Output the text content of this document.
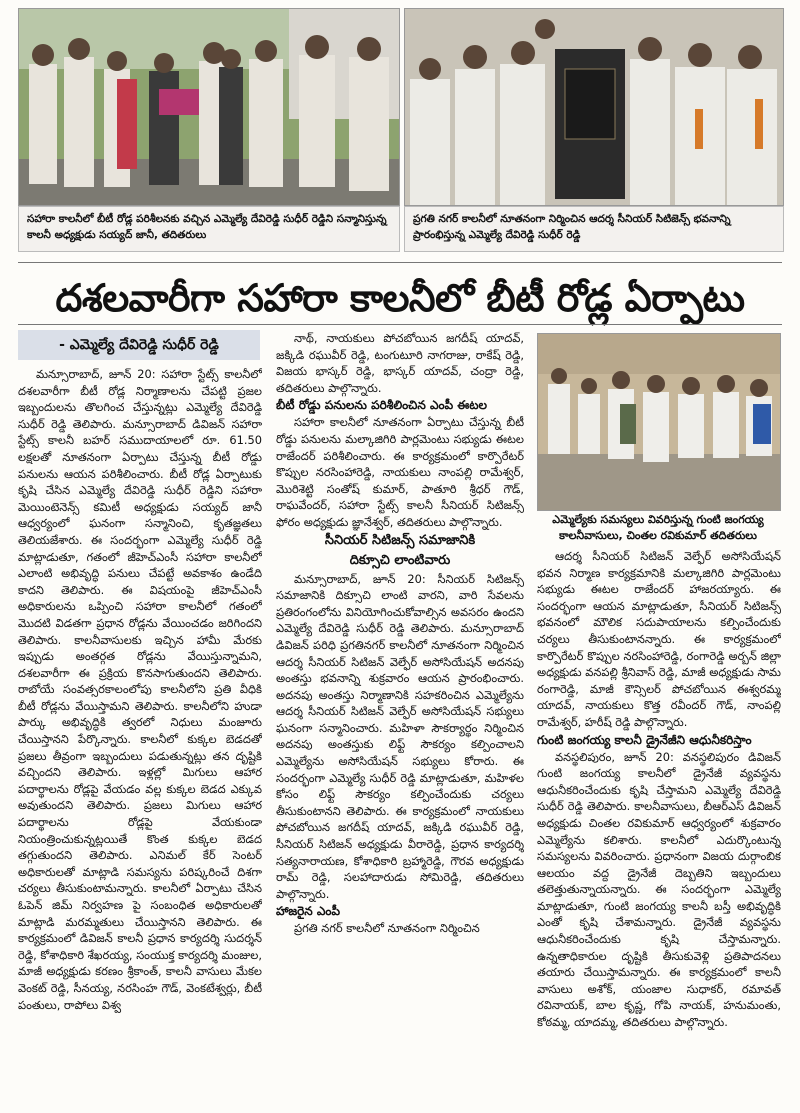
సహారా కాలనీలో బీటీ రోడ్ల పరిశీలనకు వచ్చిన ఎమ్మెల్యే దేవిరెడ్డి సుధీర్ రెడ్డిని సన్మానిస్తున్న కాలనీ అధ్యక్షుడు సయ్యద్ జానీ, తదితరులు
ప్రగతి నగర్ కాలనీలో నూతనంగా నిర్మించిన ఆదర్శ సీనియర్ సిటిజెన్స్ భవనాన్ని ప్రారంభిస్తున్న ఎమ్మెల్యే దేవిరెడ్డి సుధీర్ రెడ్డి
దశలవారీగా సహారా కాలనీలో బీటీ రోడ్ల ఏర్పాటు
- ఎమ్మెల్యే దేవిరెడ్డి సుధీర్ రెడ్డి

మన్సూరాబాద్, జూన్ 20: సహారా స్టేట్స్ కాలనీలో దశలవారీగా బీటీ రోడ్ల నిర్మాణాలను చేపట్టి ప్రజల ఇబ్బందులను తొలగించ చేస్తున్నట్లు ఎమ్మెల్యే దేవిరెడ్డి సుధీర్ రెడ్డి తెలిపారు. మన్సూరాబాద్ డివిజన్ సహారా స్టేట్స్ కాలనీ బహర్ సముదాయాలలో రూ. 61.50 లక్షలతో నూతనంగా ఏర్పాటు చేస్తున్న బీటీ రోడ్డు పనులను ఆయన పరిశీలించారు. బీటీ రోడ్ల ఏర్పాటుకు కృషి చేసిన ఎమ్మెల్యే దేవిరెడ్డి సుధీర్ రెడ్డిని సహారా మెయింటెనెన్స్ కమిటీ అధ్యక్షుడు సయ్యద్ జానీ ఆధ్వర్యంలో ఘనంగా సన్మానించి, కృతజ్ఞతలు తెలియజేశారు. ఈ సందర్భంగా ఎమ్మెల్యే సుధీర్ రెడ్డి మాట్లాడుతూ, గతంలో జీహెచ్ఎంసీ సహారా కాలనీలో ఎలాంటి అభివృద్ధి పనులు చేపట్టే అవకాశం ఉండేది కాదని తెలిపారు. ఈ విషయంపై జీహెచ్ఎంసీ అధికారులను ఒప్పించి సహారా కాలనీలో గతంలో మొదటి విడతగా ప్రధాన రోడ్లను వేయించడం జరిగిందని తెలిపారు. కాలనీవాసులకు ఇచ్చిన హామీ మేరకు ఇప్పుడు అంతర్గత రోడ్లను వేయిస్తున్నామని, దశలవారీగా ఈ ప్రక్రియ కొనసాగుతుందని తెలిపారు. రాబోయే సంవత్సరకాలంలోపు కాలనీలోని ప్రతి వీధికి బీటీ రోడ్లను వేయిస్తామని తెలిపారు. కాలనీలోని హుడా పార్కు అభివృద్ధికి త్వరలో నిధులు మంజూరు చేయిస్తానని పేర్కొన్నారు. కాలనీలో కుక్కల బెడదతో ప్రజలు తీవ్రంగా ఇబ్బందులు పడుతున్నట్లు తన దృష్టికి వచ్చిందని తెలిపారు. ఇళ్లల్లో మిగులు ఆహార పదార్థాలను రోడ్లపై వేయడం వల్ల కుక్కల బెడద ఎక్కువ అవుతుందని తెలిపారు. ప్రజలు మిగులు ఆహార పదార్థాలను రోడ్లపై వేయకుండా నియంత్రించుకున్నట్లయితే కొంత కుక్కల బెడద తగ్గుతుందని తెలిపారు. ఎనిమల్ కేర్ సెంటర్ అధికారులతో మాట్లాడి సమస్యను పరిష్కరించే దిశగా చర్యలు తీసుకుంటామన్నారు. కాలనీలో ఏర్పాటు చేసిన ఓపెన్ జిమ్ నిర్వహణ పై సంబంధిత అధికారులతో మాట్లాడి మరమ్మతులు చేయిస్తానని తెలిపారు. ఈ కార్యక్రమంలో డివిజన్ కాలనీ ప్రధాన కార్యదర్శి సుదర్శన్ రెడ్డి, కోశాధికారి శేఖరయ్య, సంయుక్త కార్యదర్శి మంజుల, మాజీ అధ్యక్షుడు కరణం శ్రీకాంత్, కాలనీ వాసులు మేకల వెంకట్ రెడ్డి, సీనయ్య, నరసింహ గౌడ్, వెంకటేశ్వర్లు, బీటీ పంతులు, రాపోలు విశ్వ

నాథ్, నాయకులు పోచబోయిన జగదీష్ యాదవ్, జక్కిడి రఘువీర్ రెడ్డి, టంగుటూరి నాగరాజు, రాకేష్ రెడ్డి, విజయ భాస్కర్ రెడ్డి, భాస్కర్ యాదవ్, చంద్రా రెడ్డి, తదితరులు పాల్గొన్నారు.

బీటీ రోడ్డు పనులను పరిశీలించిన ఎంపీ ఈటల

సహారా కాలనీలో నూతనంగా ఏర్పాటు చేస్తున్న బీటీ రోడ్డు పనులను మల్కాజిగిరి పార్లమెంటు సభ్యుడు ఈటల రాజేందర్ పరిశీలించారు. ఈ కార్యక్రమంలో కార్పొరేటర్ కొప్పుల నరసింహారెడ్డి, నాయకులు నాంపల్లి రామేశ్వర్, మొరిశెట్టి సంతోష్ కుమార్, పాతూరి శ్రీధర్ గౌడ్, రాఘవేందర్, సహారా స్టేట్స్ కాలనీ సీనియర్ సిటిజన్స్ ఫోరం అధ్యక్షుడు జ్ఞానేశ్వర్, తదితరులు పాల్గొన్నారు.

సీనియర్ సిటిజన్స్ సమాజానికి
దిక్సూచి లాంటివారు

మన్సూరాబాద్, జూన్ 20: సీనియర్ సిటిజన్స్ సమాజానికి దిక్సూచి లాంటి వారని, వారి సేవలను ప్రతిరంగంలోను వినియోగించుకోవాల్సిన అవసరం ఉందని ఎమ్మెల్యే దేవిరెడ్డి సుధీర్ రెడ్డి తెలిపారు. మన్సూరాబాద్ డివిజన్ పరిధి ప్రగతినగర్ కాలనీలో నూతనంగా నిర్మించిన ఆదర్శ సీనియర్ సిటిజన్ వెల్ఫేర్ అసోసియేషన్ అదనపు అంతస్తు భవనాన్ని శుక్రవారం ఆయన ప్రారంభించారు. అదనపు అంతస్తు నిర్మాణానికి సహకరించిన ఎమ్మెల్యేను ఆదర్శ సీనియర్ సిటిజన్ వెల్ఫేర్ అసోసియేషన్ సభ్యులు ఘనంగా సన్మానించారు. మహిళా సౌకర్యార్థం నిర్మించిన అదనపు అంతస్తుకు లిఫ్ట్ సౌకర్యం కల్పించాలని ఎమ్మెల్యేను అసోసియేషన్ సభ్యులు కోరారు. ఈ సందర్భంగా ఎమ్మెల్యే సుధీర్ రెడ్డి మాట్లాడుతూ, మహిళల కోసం లిఫ్ట్ సౌకర్యం కల్పించేందుకు చర్యలు తీసుకుంటానని తెలిపారు. ఈ కార్యక్రమంలో నాయకులు పోచబోయిన జగదీష్ యాదవ్, జక్కిడి రఘువీర్ రెడ్డి, సీనియర్ సిటిజన్ అధ్యక్షుడు వీరారెడ్డి, ప్రధాన కార్యదర్శి సత్యనారాయణ, కోశాధికారి బ్రహ్మారెడ్డి, గౌరవ అధ్యక్షుడు రామ్ రెడ్డి, సలహాదారుడు సోమిరెడ్డి, తదితరులు పాల్గొన్నారు.

హాజరైన ఎంపీ

ప్రగతి నగర్ కాలనీలో నూతనంగా నిర్మించిన

ఎమ్మెల్యేకు సమస్యలు వివరిస్తున్న గుంటి జంగయ్య కాలనీవాసులు, చింతల రవికుమార్ తదితరులు

ఆదర్శ సీనియర్ సిటిజన్ వెల్ఫేర్ అసోసియేషన్ భవన నిర్మాణ కార్యక్రమానికి మల్కాజిగిరి పార్లమెంటు సభ్యుడు ఈటల రాజేందర్ హాజరయ్యారు. ఈ సందర్భంగా ఆయన మాట్లాడుతూ, సీనియర్ సిటిజన్స్ భవనంలో మౌలిక సదుపాయాలను కల్పించేందుకు చర్యలు తీసుకుంటానన్నారు. ఈ కార్యక్రమంలో కార్పొరేటర్ కొప్పుల నరసింహారెడ్డి, రంగారెడ్డి అర్బన్ జిల్లా అధ్యక్షుడు వనపల్లి శ్రీనివాస్ రెడ్డి, మాజీ అధ్యక్షుడు సామ రంగారెడ్డి, మాజీ కౌన్సిలర్ పోచబోయిన ఈశ్వరమ్మ యాదవ్, నాయకులు కొత్త రవీందర్ గౌడ్, నాంపల్లి రామేశ్వర్, హరీష్ రెడ్డి పాల్గొన్నారు.

గుంటి జంగయ్య కాలనీ డ్రైనేజీని ఆధునీకరిస్తాం

వనస్థలిపురం, జూన్ 20: వనస్థలిపురం డివిజన్ గుంటి జంగయ్య కాలనీలో డ్రైనేజీ వ్యవస్థను ఆధునీకరించేందుకు కృషి చేస్తామని ఎమ్మెల్యే దేవిరెడ్డి సుధీర్ రెడ్డి తెలిపారు. కాలనీవాసులు, బీఆర్ఎస్ డివిజన్ అధ్యక్షుడు చింతల రవికుమార్ ఆధ్వర్యంలో శుక్రవారం ఎమ్మెల్యేను కలిశారు. కాలనీలో ఎదుర్కొంటున్న సమస్యలను వివరించారు. ప్రధానంగా విజయ దుర్గాంబిక ఆలయం వద్ద డ్రైనేజీ దెబ్బతిని ఇబ్బందులు తలెత్తుతున్నాయన్నారు. ఈ సందర్భంగా ఎమ్మెల్యే మాట్లాడుతూ, గుంటి జంగయ్య కాలనీ బస్తీ అభివృద్ధికి ఎంతో కృషి చేశామన్నారు. డ్రైనేజీ వ్యవస్థను ఆధునీకరించేందుకు కృషి చేస్తామన్నారు. ఉన్నతాధికారుల దృష్టికి తీసుకువెళ్లి ప్రతిపాదనలు తయారు చేయిస్తామన్నారు. ఈ కార్యక్రమంలో కాలనీ వాసులు అశోక్, యంజాల సుధాకర్, రమావత్ రవినాయక్, బాల కృష్ణ, గోపి నాయక్, హనుమంతు, కోఠమ్మ, యాదమ్మ, తదితరులు పాల్గొన్నారు.
